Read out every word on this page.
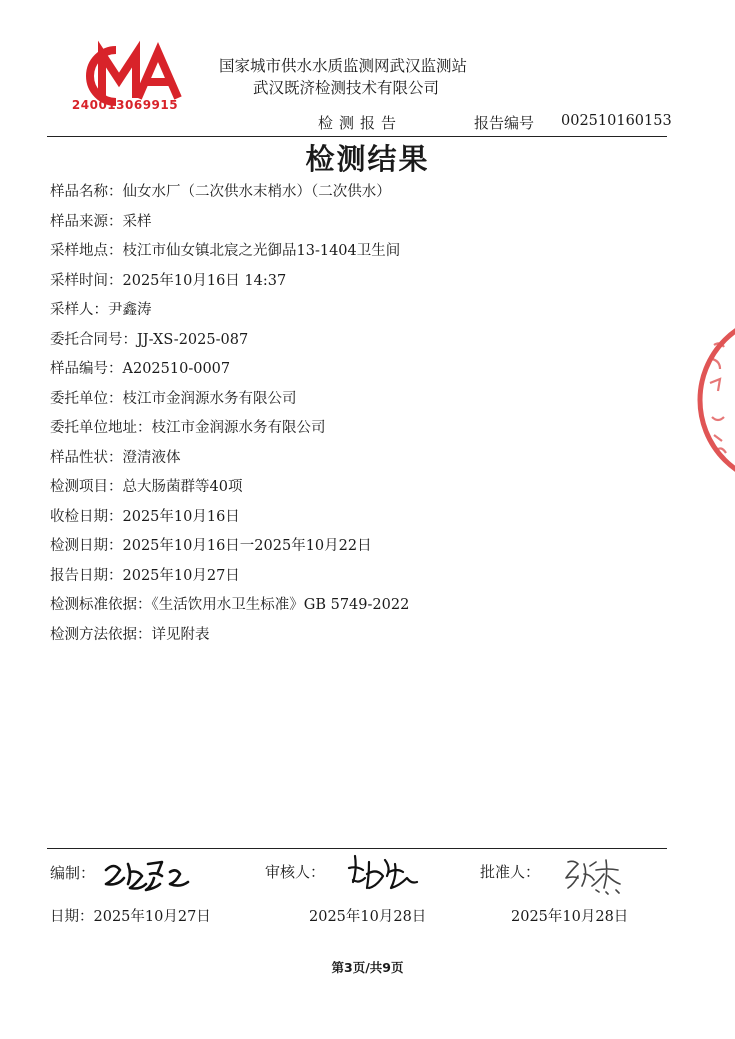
240013069915
国家城市供水水质监测网武汉监测站
武汉既济检测技术有限公司
检测报告	报告编号 002510160153
检测结果
样品名称：仙女水厂（二次供水末梢水）（二次供水）
样品来源：采样
采样地点：枝江市仙女镇北宸之光御品13-1404卫生间
采样时间：2025年10月16日 14:37
采样人：尹鑫涛
委托合同号：JJ-XS-2025-087
样品编号：A202510-0007
委托单位：枝江市金润源水务有限公司
委托单位地址：枝江市金润源水务有限公司
样品性状：澄清液体
检测项目：总大肠菌群等40项
收检日期：2025年10月16日
检测日期：2025年10月16日一2025年10月22日
报告日期：2025年10月27日
检测标准依据：《生活饮用水卫生标准》GB 5749-2022
检测方法依据：详见附表
编制：	审核人：	批准人：
日期：2025年10月27日	2025年10月28日	2025年10月28日
第3页/共9页
